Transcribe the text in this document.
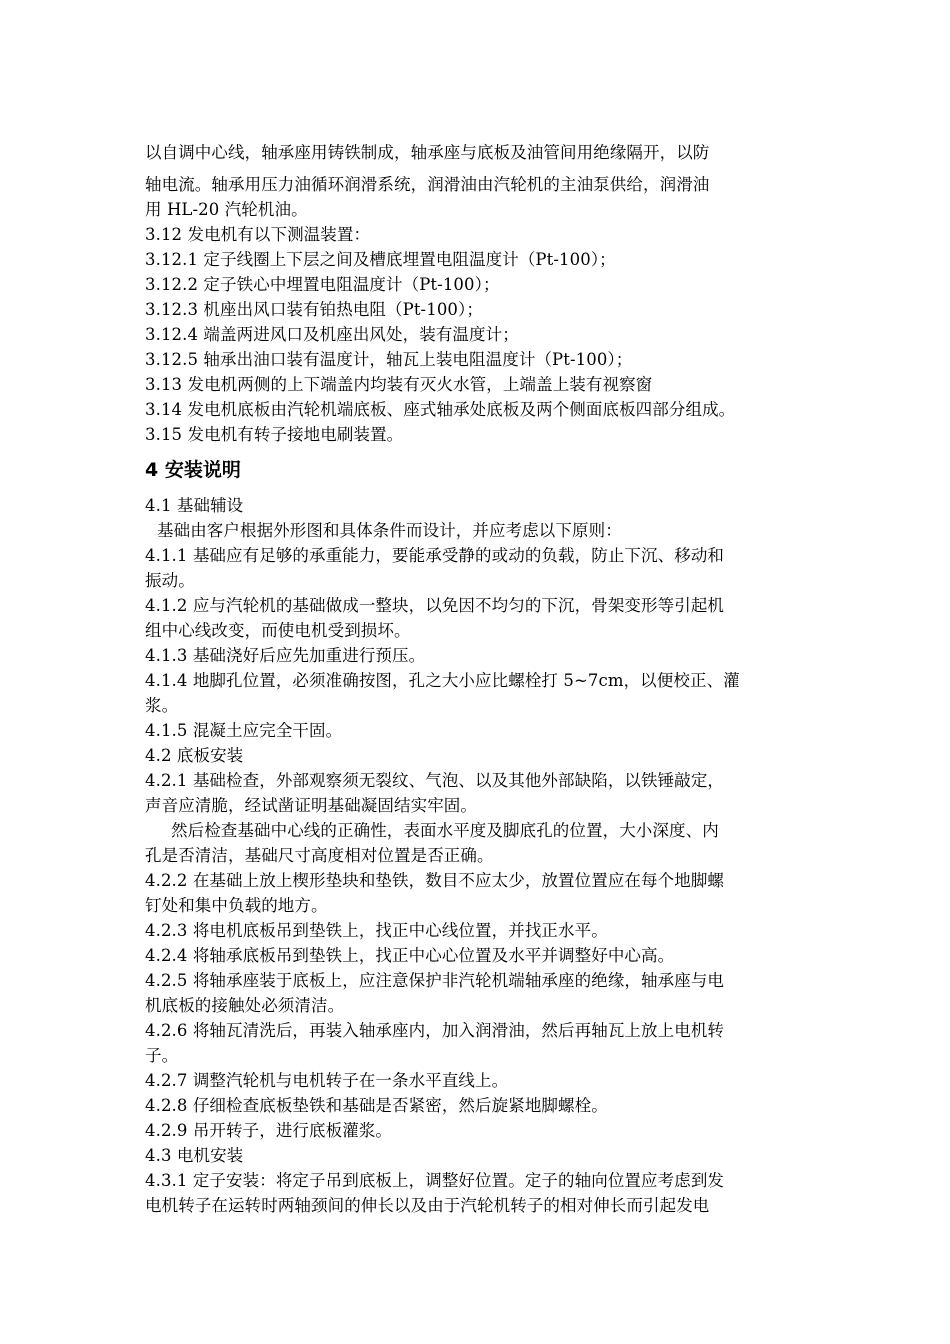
以自调中心线，轴承座用铸铁制成，轴承座与底板及油管间用绝缘隔开，以防
轴电流。轴承用压力油循环润滑系统，润滑油由汽轮机的主油泵供给，润滑油
用 HL-20 汽轮机油。
3.12 发电机有以下测温装置：
3.12.1 定子线圈上下层之间及槽底埋置电阻温度计（Pt-100）；
3.12.2 定子铁心中埋置电阻温度计（Pt-100）；
3.12.3 机座出风口装有铂热电阻（Pt-100）；
3.12.4 端盖两进风口及机座出风处，装有温度计；
3.12.5 轴承出油口装有温度计，轴瓦上装电阻温度计（Pt-100）；
3.13 发电机两侧的上下端盖内均装有灭火水管，上端盖上装有视察窗
3.14 发电机底板由汽轮机端底板、座式轴承处底板及两个侧面底板四部分组成。
3.15 发电机有转子接地电刷装置。
4 安装说明
4.1 基础辅设
基础由客户根据外形图和具体条件而设计，并应考虑以下原则：
4.1.1 基础应有足够的承重能力，要能承受静的或动的负载，防止下沉、移动和
振动。
4.1.2 应与汽轮机的基础做成一整块，以免因不均匀的下沉，骨架变形等引起机
组中心线改变，而使电机受到损坏。
4.1.3 基础浇好后应先加重进行预压。
4.1.4 地脚孔位置，必须准确按图，孔之大小应比螺栓打 5~7cm，以便校正、灌
浆。
4.1.5 混凝土应完全干固。
4.2 底板安装
4.2.1 基础检查，外部观察须无裂纹、气泡、以及其他外部缺陷，以铁锤敲定，
声音应清脆，经试凿证明基础凝固结实牢固。
然后检查基础中心线的正确性，表面水平度及脚底孔的位置，大小深度、内
孔是否清洁，基础尺寸高度相对位置是否正确。
4.2.2 在基础上放上楔形垫块和垫铁，数目不应太少，放置位置应在每个地脚螺
钉处和集中负载的地方。
4.2.3 将电机底板吊到垫铁上，找正中心线位置，并找正水平。
4.2.4 将轴承底板吊到垫铁上，找正中心心位置及水平并调整好中心高。
4.2.5 将轴承座装于底板上，应注意保护非汽轮机端轴承座的绝缘，轴承座与电
机底板的接触处必须清洁。
4.2.6 将轴瓦清洗后，再装入轴承座内，加入润滑油，然后再轴瓦上放上电机转
子。
4.2.7 调整汽轮机与电机转子在一条水平直线上。
4.2.8 仔细检查底板垫铁和基础是否紧密，然后旋紧地脚螺栓。
4.2.9 吊开转子，进行底板灌浆。
4.3 电机安装
4.3.1 定子安装：将定子吊到底板上，调整好位置。定子的轴向位置应考虑到发
电机转子在运转时两轴颈间的伸长以及由于汽轮机转子的相对伸长而引起发电
